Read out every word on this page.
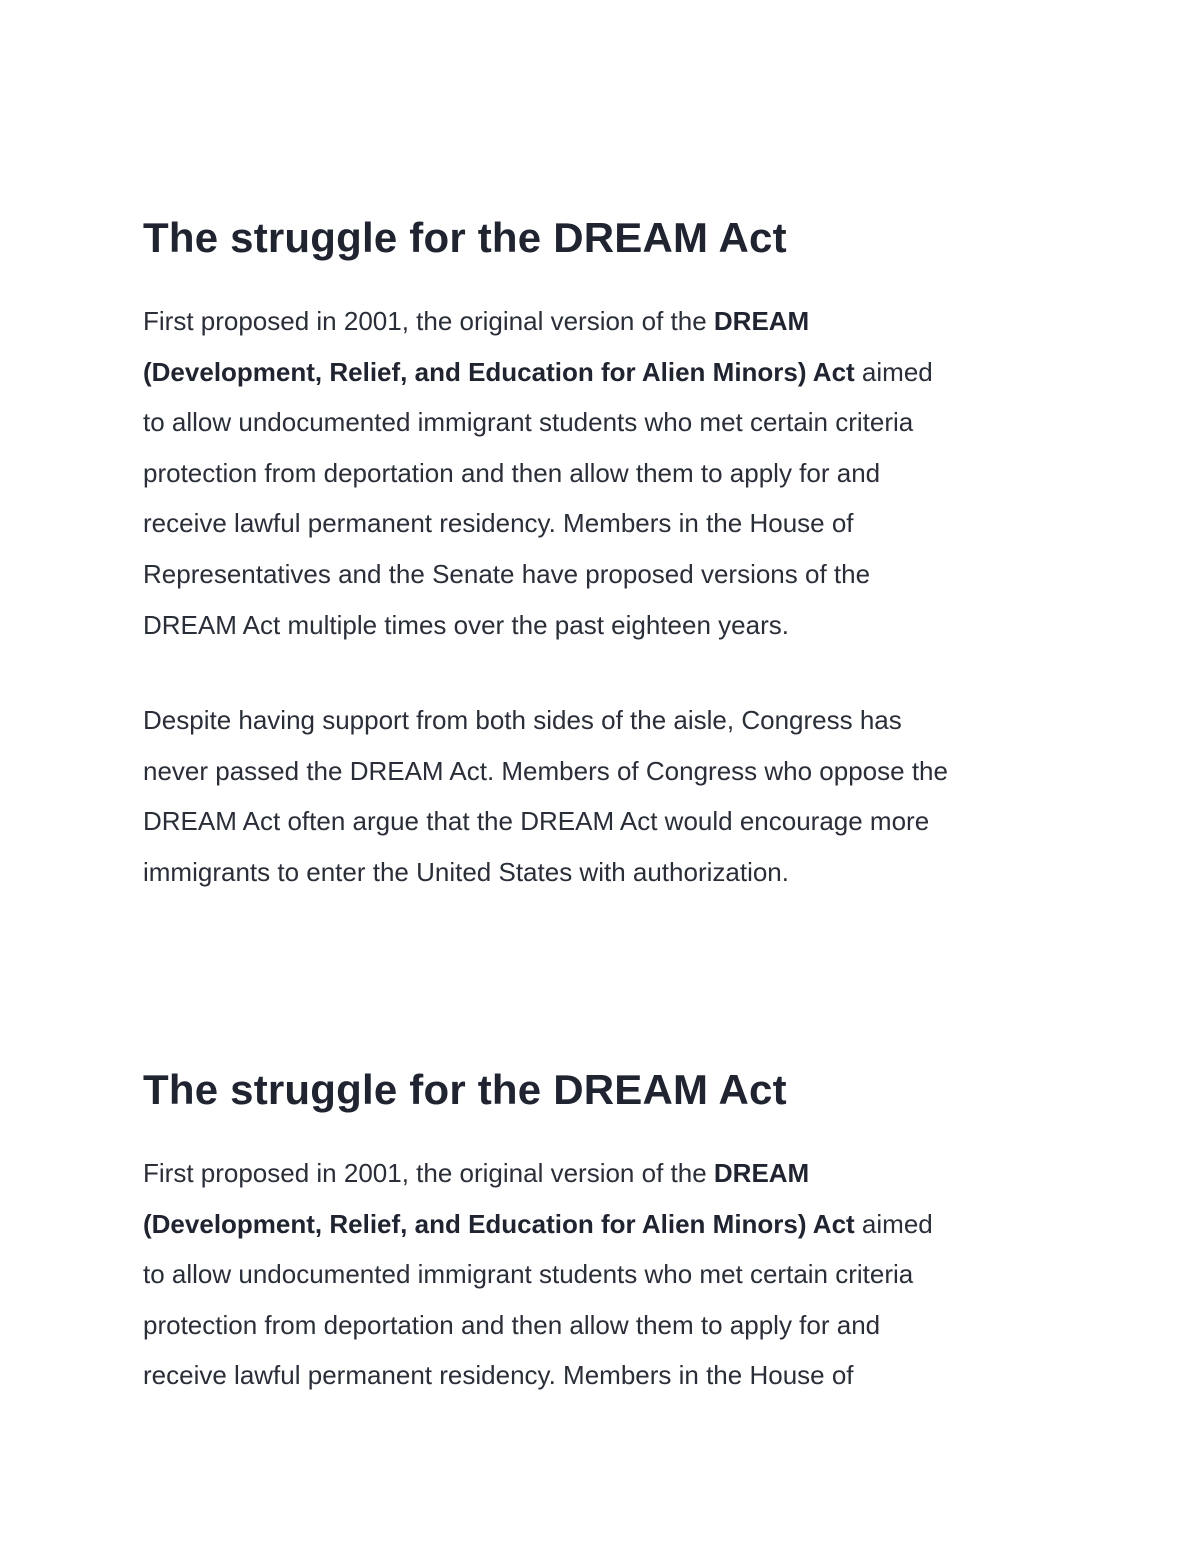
The struggle for the DREAM Act

First proposed in 2001, the original version of the DREAM
(Development, Relief, and Education for Alien Minors) Act aimed
to allow undocumented immigrant students who met certain criteria
protection from deportation and then allow them to apply for and
receive lawful permanent residency. Members in the House of
Representatives and the Senate have proposed versions of the
DREAM Act multiple times over the past eighteen years.

Despite having support from both sides of the aisle, Congress has
never passed the DREAM Act. Members of Congress who oppose the
DREAM Act often argue that the DREAM Act would encourage more
immigrants to enter the United States with authorization.

The struggle for the DREAM Act

First proposed in 2001, the original version of the DREAM
(Development, Relief, and Education for Alien Minors) Act aimed
to allow undocumented immigrant students who met certain criteria
protection from deportation and then allow them to apply for and
receive lawful permanent residency. Members in the House of
